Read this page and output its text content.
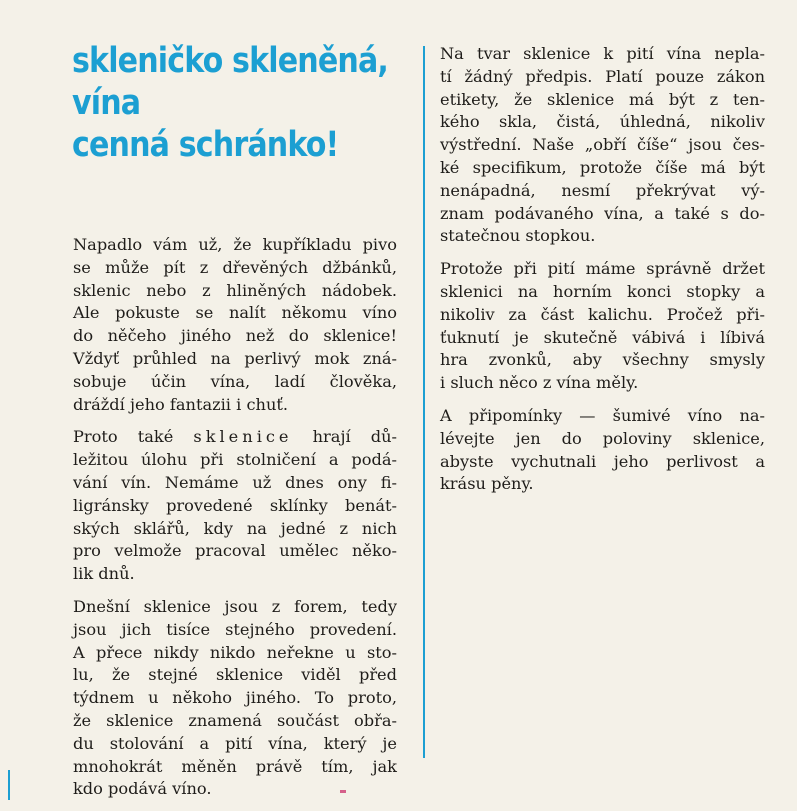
skleničko skleněná,
vína
cenná schránko!

Napadlo vám už, že kupříkladu pivo
se může pít z dřevěných džbánků,
sklenic nebo z hliněných nádobek.
Ale pokuste se nalít někomu víno
do něčeho jiného než do sklenice!
Vždyť průhled na perlivý mok zná-
sobuje účin vína, ladí člověka,
dráždí jeho fantazii i chuť.

Proto také sklenice hrají dů-
ležitou úlohu při stolničení a podá-
vání vín. Nemáme už dnes ony fi-
ligránsky provedené sklínky benát-
ských sklářů, kdy na jedné z nich
pro velmože pracoval umělec něko-
lik dnů.

Dnešní sklenice jsou z forem, tedy
jsou jich tisíce stejného provedení.
A přece nikdy nikdo neřekne u sto-
lu, že stejné sklenice viděl před
týdnem u někoho jiného. To proto,
že sklenice znamená součást obřa-
du stolování a pití vína, který je
mnohokrát měněn právě tím, jak
kdo podává víno.

Na tvar sklenice k pití vína nepla-
tí žádný předpis. Platí pouze zákon
etikety, že sklenice má být z ten-
kého skla, čistá, úhledná, nikoliv
výstřední. Naše „obří číše“ jsou čes-
ké specifikum, protože číše má být
nenápadná, nesmí překrývat vý-
znam podávaného vína, a také s do-
statečnou stopkou.

Protože při pití máme správně držet
sklenici na horním konci stopky a
nikoliv za část kalichu. Pročež při-
ťuknutí je skutečně vábivá i líbivá
hra zvonků, aby všechny smysly
i sluch něco z vína měly.

A připomínky — šumivé víno na-
lévejte jen do poloviny sklenice,
abyste vychutnali jeho perlivost a
krásu pěny.
